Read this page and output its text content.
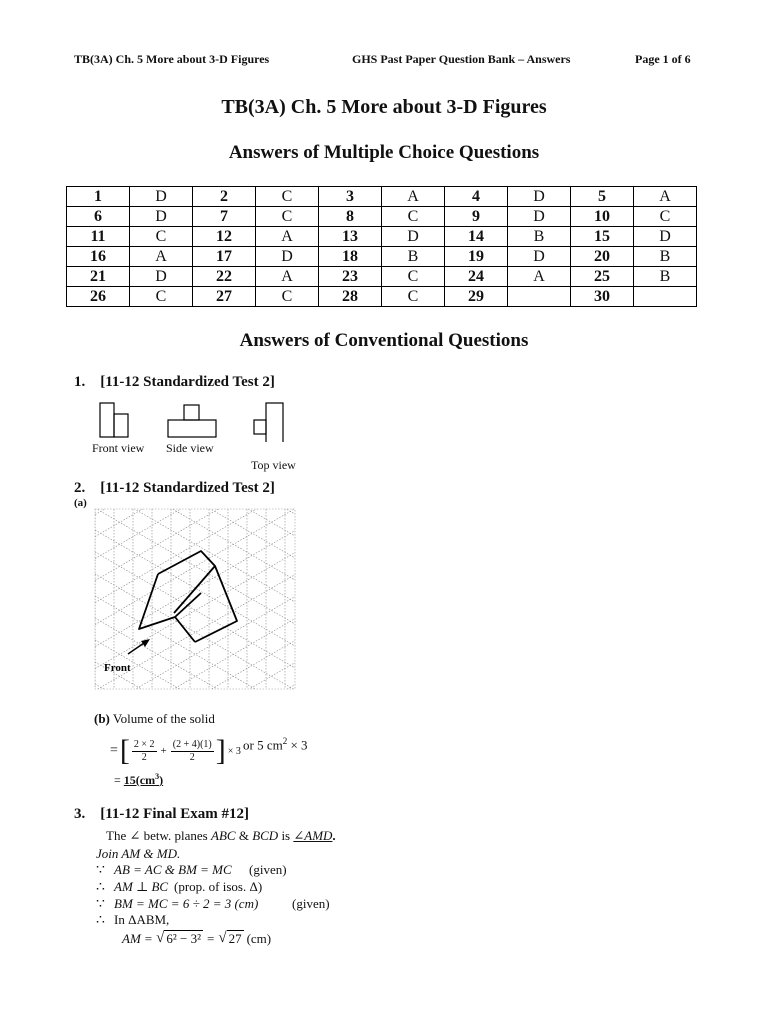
TB(3A) Ch. 5 More about 3-D Figures	GHS Past Paper Question Bank – Answers	Page 1 of 6
TB(3A) Ch. 5 More about 3-D Figures
Answers of Multiple Choice Questions
1	D	2	C	3	A	4	D	5	A
6	D	7	C	8	C	9	D	10	C
11	C	12	A	13	D	14	B	15	D
16	A	17	D	18	B	19	D	20	B
21	D	22	A	23	C	24	A	25	B
26	C	27	C	28	C	29		30	
Answers of Conventional Questions
1.    [11-12 Standardized Test 2]
Front view Side view
Top view
2.    [11-12 Standardized Test 2]
(a)
Front
(b) Volume of the solid
= [ $\frac{2 \times 2}{2} + \frac{(2 + 4)(1)}{2}$ ] × 3 or 5 $cm^2 \times 3$
= $15(cm^3)$
3.    [11-12 Final Exam #12]
The ∠ betw. planes ABC & BCD is ∠AMD.
Join AM & MD.
∵ AB = AC & BM = MC (given)
∴ AM ⊥ BC (prop. of isos. Δ)
∵ BM = MC = 6 ÷ 2 = 3 (cm)	(given)
∴ In ΔABM,
AM = √ 6² − 3² = √ 27 (cm)
